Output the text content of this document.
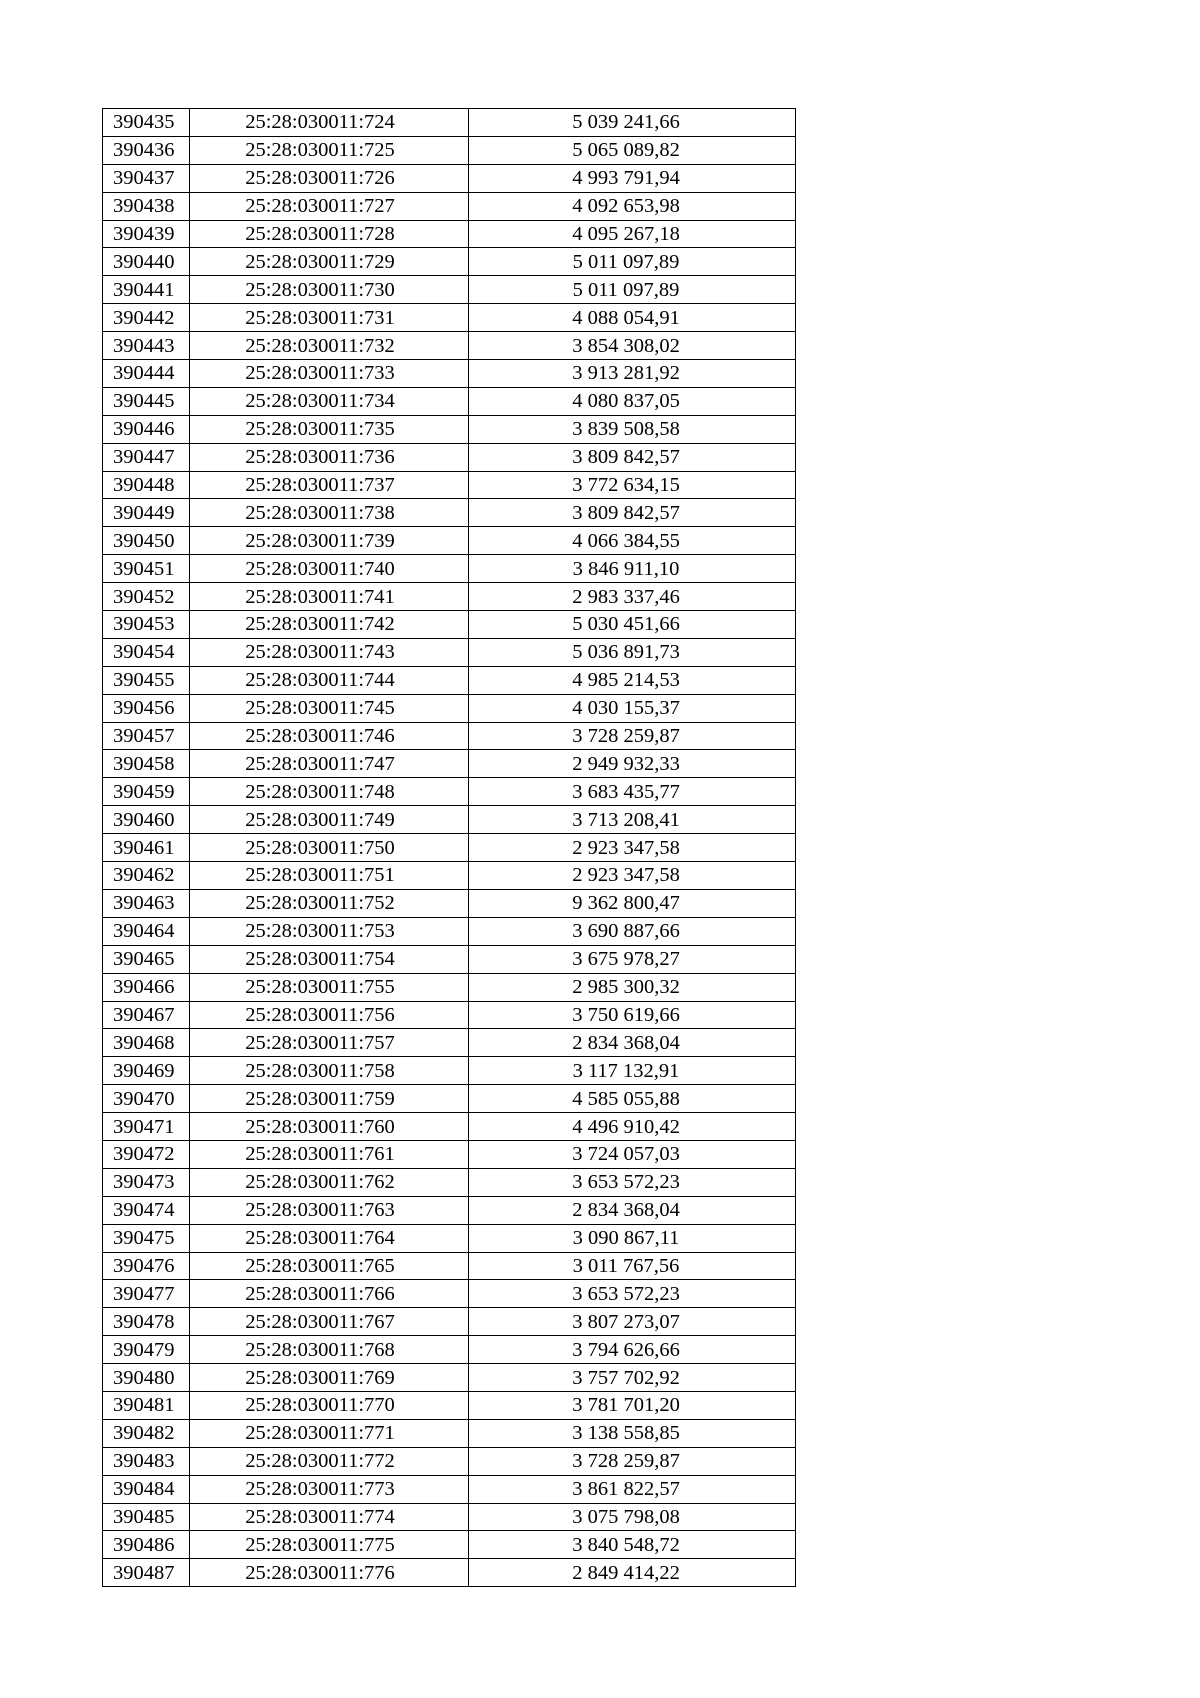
390435	25:28:030011:724	5 039 241,66
390436	25:28:030011:725	5 065 089,82
390437	25:28:030011:726	4 993 791,94
390438	25:28:030011:727	4 092 653,98
390439	25:28:030011:728	4 095 267,18
390440	25:28:030011:729	5 011 097,89
390441	25:28:030011:730	5 011 097,89
390442	25:28:030011:731	4 088 054,91
390443	25:28:030011:732	3 854 308,02
390444	25:28:030011:733	3 913 281,92
390445	25:28:030011:734	4 080 837,05
390446	25:28:030011:735	3 839 508,58
390447	25:28:030011:736	3 809 842,57
390448	25:28:030011:737	3 772 634,15
390449	25:28:030011:738	3 809 842,57
390450	25:28:030011:739	4 066 384,55
390451	25:28:030011:740	3 846 911,10
390452	25:28:030011:741	2 983 337,46
390453	25:28:030011:742	5 030 451,66
390454	25:28:030011:743	5 036 891,73
390455	25:28:030011:744	4 985 214,53
390456	25:28:030011:745	4 030 155,37
390457	25:28:030011:746	3 728 259,87
390458	25:28:030011:747	2 949 932,33
390459	25:28:030011:748	3 683 435,77
390460	25:28:030011:749	3 713 208,41
390461	25:28:030011:750	2 923 347,58
390462	25:28:030011:751	2 923 347,58
390463	25:28:030011:752	9 362 800,47
390464	25:28:030011:753	3 690 887,66
390465	25:28:030011:754	3 675 978,27
390466	25:28:030011:755	2 985 300,32
390467	25:28:030011:756	3 750 619,66
390468	25:28:030011:757	2 834 368,04
390469	25:28:030011:758	3 117 132,91
390470	25:28:030011:759	4 585 055,88
390471	25:28:030011:760	4 496 910,42
390472	25:28:030011:761	3 724 057,03
390473	25:28:030011:762	3 653 572,23
390474	25:28:030011:763	2 834 368,04
390475	25:28:030011:764	3 090 867,11
390476	25:28:030011:765	3 011 767,56
390477	25:28:030011:766	3 653 572,23
390478	25:28:030011:767	3 807 273,07
390479	25:28:030011:768	3 794 626,66
390480	25:28:030011:769	3 757 702,92
390481	25:28:030011:770	3 781 701,20
390482	25:28:030011:771	3 138 558,85
390483	25:28:030011:772	3 728 259,87
390484	25:28:030011:773	3 861 822,57
390485	25:28:030011:774	3 075 798,08
390486	25:28:030011:775	3 840 548,72
390487	25:28:030011:776	2 849 414,22
